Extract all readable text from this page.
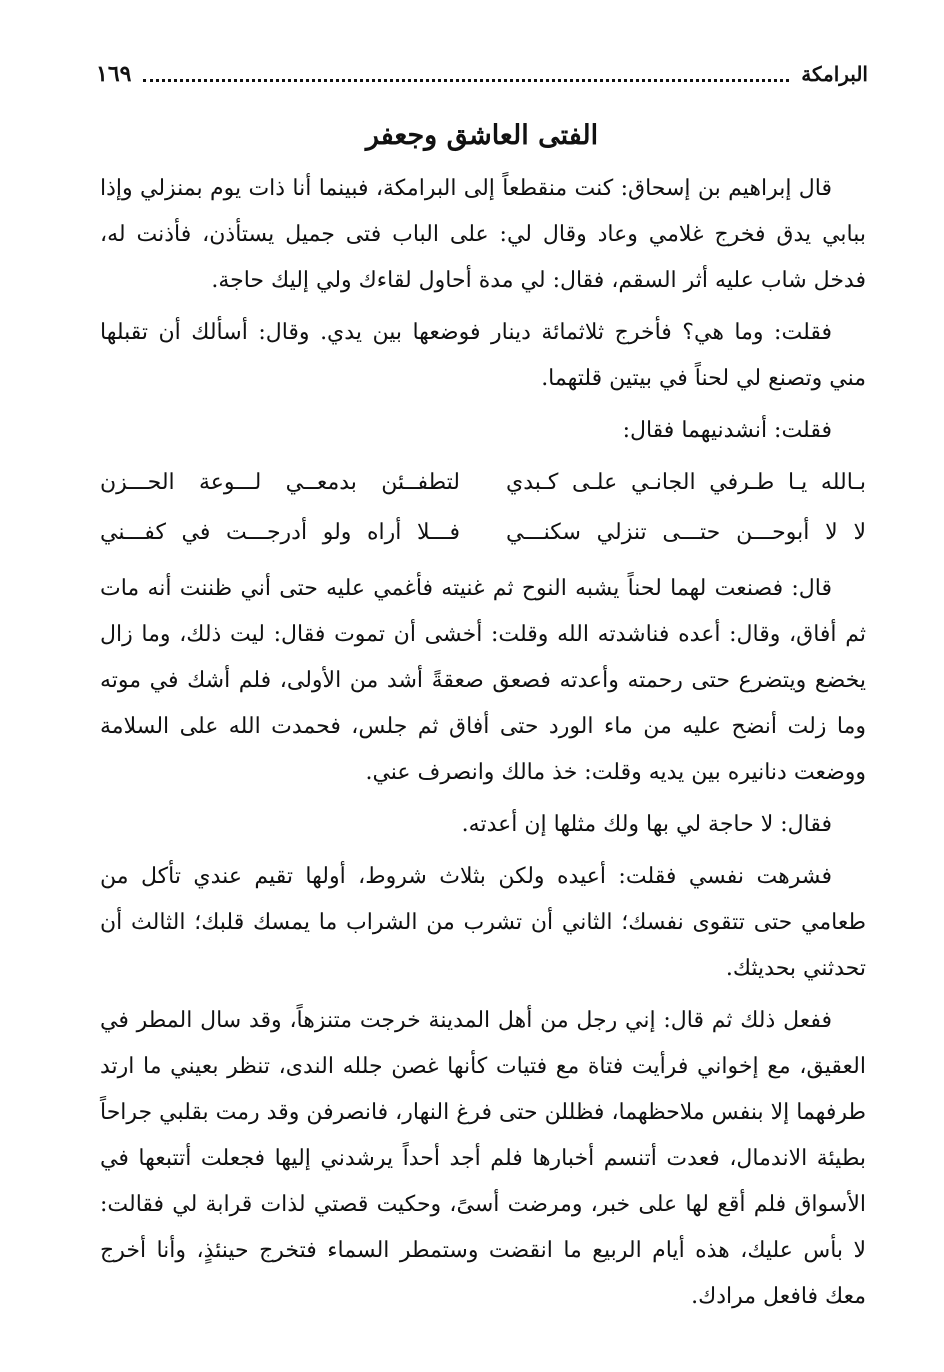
البرامكة
١٦٩
الفتى العاشق وجعفر

قال إبراهيم بن إسحاق: كنت منقطعاً إلى البرامكة، فبينما أنا ذات يوم بمنزلي وإذا ببابي يدق فخرج غلامي وعاد وقال لي: على الباب فتى جميل يستأذن، فأذنت له، فدخل شاب عليه أثر السقم، فقال: لي مدة أحاول لقاءك ولي إليك حاجة.

فقلت: وما هي؟ فأخرج ثلاثمائة دينار فوضعها بين يدي. وقال: أسألك أن تقبلها مني وتصنع لي لحناً في بيتين قلتهما.

فقلت: أنشدنيهما فقال:

بـالله يـا طـرفي الجانـي علـى كـبدي
لتطفــئن بدمعــي لـــوعة الحـــزن
لا لا أبوحـــن حتـــى تنزلي سكنـــي
فـــلا أراه ولو أدرجـــت في كفـــني

قال: فصنعت لهما لحناً يشبه النوح ثم غنيته فأغمي عليه حتى أني ظننت أنه مات ثم أفاق، وقال: أعده فناشدته الله وقلت: أخشى أن تموت فقال: ليت ذلك، وما زال يخضع ويتضرع حتى رحمته وأعدته فصعق صعقةً أشد من الأولى، فلم أشك في موته وما زلت أنضح عليه من ماء الورد حتى أفاق ثم جلس، فحمدت الله على السلامة ووضعت دنانيره بين يديه وقلت: خذ مالك وانصرف عني.

فقال: لا حاجة لي بها ولك مثلها إن أعدته.

فشرهت نفسي فقلت: أعيده ولكن بثلاث شروط، أولها تقيم عندي تأكل من طعامي حتى تتقوى نفسك؛ الثاني أن تشرب من الشراب ما يمسك قلبك؛ الثالث أن تحدثني بحديثك.

ففعل ذلك ثم قال: إني رجل من أهل المدينة خرجت متنزهاً، وقد سال المطر في العقيق، مع إخواني فرأيت فتاة مع فتيات كأنها غصن جلله الندى، تنظر بعيني ما ارتد طرفهما إلا بنفس ملاحظهما، فظللن حتى فرغ النهار، فانصرفن وقد رمت بقلبي جراحاً بطيئة الاندمال، فعدت أتنسم أخبارها فلم أجد أحداً يرشدني إليها فجعلت أتتبعها في الأسواق فلم أقع لها على خبر، ومرضت أسىً، وحكيت قصتي لذات قرابة لي فقالت: لا بأس عليك، هذه أيام الربيع ما انقضت وستمطر السماء فتخرج حينئذٍ، وأنا أخرج معك فافعل مرادك.
